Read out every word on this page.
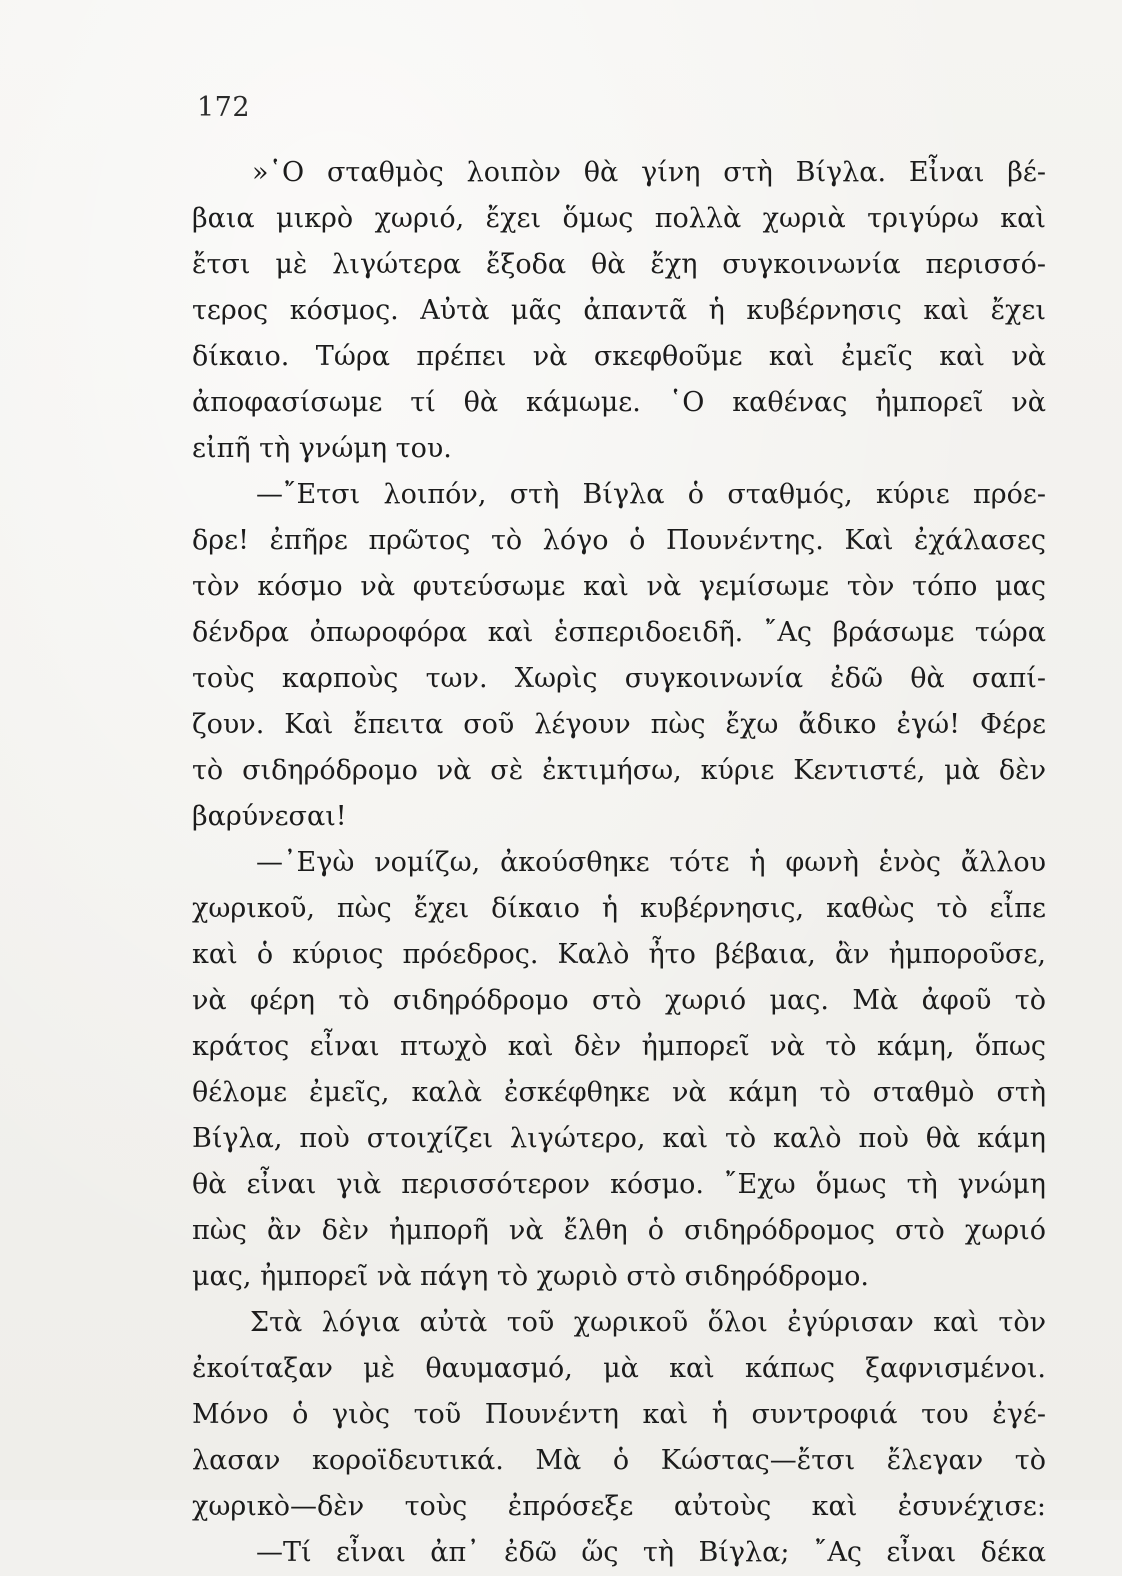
172
»῾Ο σταθμὸς λοιπὸν θὰ γίνη στὴ Βίγλα. Εἶναι βέ-
βαια μικρὸ χωριό, ἔχει ὅμως πολλὰ χωριὰ τριγύρω καὶ
ἔτσι μὲ λιγώτερα ἔξοδα θὰ ἔχη συγκοινωνία περισσό-
τερος κόσμος. Αὐτὰ μᾶς ἀπαντᾶ ἡ κυβέρνησις καὶ ἔχει
δίκαιο. Τώρα πρέπει νὰ σκεφθοῦμε καὶ ἐμεῖς καὶ νὰ
ἀποφασίσωμε τί θὰ κάμωμε. ῾Ο καθένας ἠμπορεῖ νὰ
εἰπῆ τὴ γνώμη του.
—῎Ετσι λοιπόν, στὴ Βίγλα ὁ σταθμός, κύριε πρόε-
δρε! ἐπῆρε πρῶτος τὸ λόγο ὁ Πουνέντης. Καὶ ἐχάλασες
τὸν κόσμο νὰ φυτεύσωμε καὶ νὰ γεμίσωμε τὸν τόπο μας
δένδρα ὀπωροφόρα καὶ ἑσπεριδοειδῆ. ῎Ας βράσωμε τώρα
τοὺς καρποὺς των. Χωρὶς συγκοινωνία ἐδῶ θὰ σαπί-
ζουν. Καὶ ἔπειτα σοῦ λέγουν πὼς ἔχω ἄδικο ἐγώ! Φέρε
τὸ σιδηρόδρομο νὰ σὲ ἐκτιμήσω, κύριε Κεντιστέ, μὰ δὲν
βαρύνεσαι!
—᾿Εγὼ νομίζω, ἀκούσθηκε τότε ἡ φωνὴ ἑνὸς ἄλλου
χωρικοῦ, πὼς ἔχει δίκαιο ἡ κυβέρνησις, καθὼς τὸ εἶπε
καὶ ὁ κύριος πρόεδρος. Καλὸ ἦτο βέβαια, ἂν ἠμποροῦσε,
νὰ φέρη τὸ σιδηρόδρομο στὸ χωριό μας. Μὰ ἀφοῦ τὸ
κράτος εἶναι πτωχὸ καὶ δὲν ἠμπορεῖ νὰ τὸ κάμη, ὅπως
θέλομε ἐμεῖς, καλὰ ἐσκέφθηκε νὰ κάμη τὸ σταθμὸ στὴ
Βίγλα, ποὺ στοιχίζει λιγώτερο, καὶ τὸ καλὸ ποὺ θὰ κάμη
θὰ εἶναι γιὰ περισσότερον κόσμο. ῎Εχω ὅμως τὴ γνώμη
πὼς ἂν δὲν ἠμπορῆ νὰ ἔλθη ὁ σιδηρόδρομος στὸ χωριό
μας, ἠμπορεῖ νὰ πάγη τὸ χωριὸ στὸ σιδηρόδρομο.
Στὰ λόγια αὐτὰ τοῦ χωρικοῦ ὅλοι ἐγύρισαν καὶ τὸν
ἐκοίταξαν μὲ θαυμασμό, μὰ καὶ κάπως ξαφνισμένοι.
Μόνο ὁ γιὸς τοῦ Πουνέντη καὶ ἡ συντροφιά του ἐγέ-
λασαν κοροϊδευτικά. Μὰ ὁ Κώστας—ἔτσι ἔλεγαν τὸ
χωρικὸ—δὲν τοὺς ἐπρόσεξε αὐτοὺς καὶ ἐσυνέχισε:
—Τί εἶναι ἀπ᾿ ἐδῶ ὥς τὴ Βίγλα; ῎Ας εἶναι δέκα
